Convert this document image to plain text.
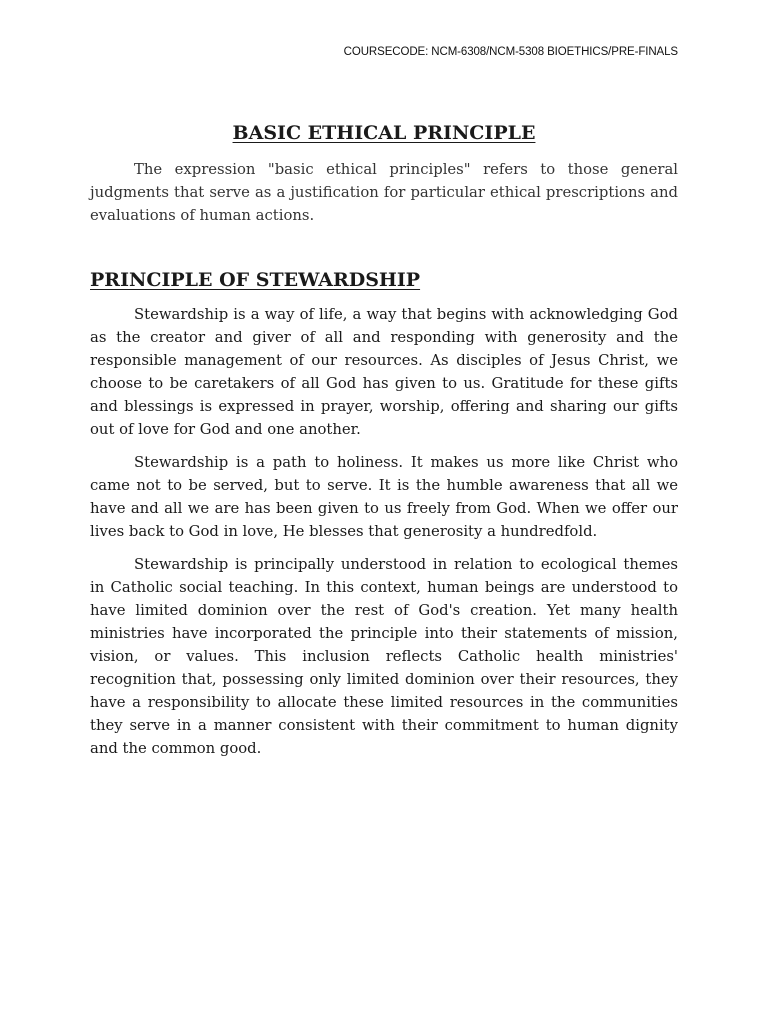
COURSECODE: NCM-6308/NCM-5308 BIOETHICS/PRE-FINALS
BASIC ETHICAL PRINCIPLE

The expression "basic ethical principles" refers to those general judgments that serve as a justification for particular ethical prescriptions and evaluations of human actions.

PRINCIPLE OF STEWARDSHIP

Stewardship is a way of life, a way that begins with acknowledging God as the creator and giver of all and responding with generosity and the responsible management of our resources. As disciples of Jesus Christ, we choose to be caretakers of all God has given to us. Gratitude for these gifts and blessings is expressed in prayer, worship, offering and sharing our gifts out of love for God and one another.

Stewardship is a path to holiness. It makes us more like Christ who came not to be served, but to serve. It is the humble awareness that all we have and all we are has been given to us freely from God. When we offer our lives back to God in love, He blesses that generosity a hundredfold.

Stewardship is principally understood in relation to ecological themes in Catholic social teaching. In this context, human beings are understood to have limited dominion over the rest of God's creation. Yet many health ministries have incorporated the principle into their statements of mission, vision, or values. This inclusion reflects Catholic health ministries' recognition that, possessing only limited dominion over their resources, they have a responsibility to allocate these limited resources in the communities they serve in a manner consistent with their commitment to human dignity and the common good.
